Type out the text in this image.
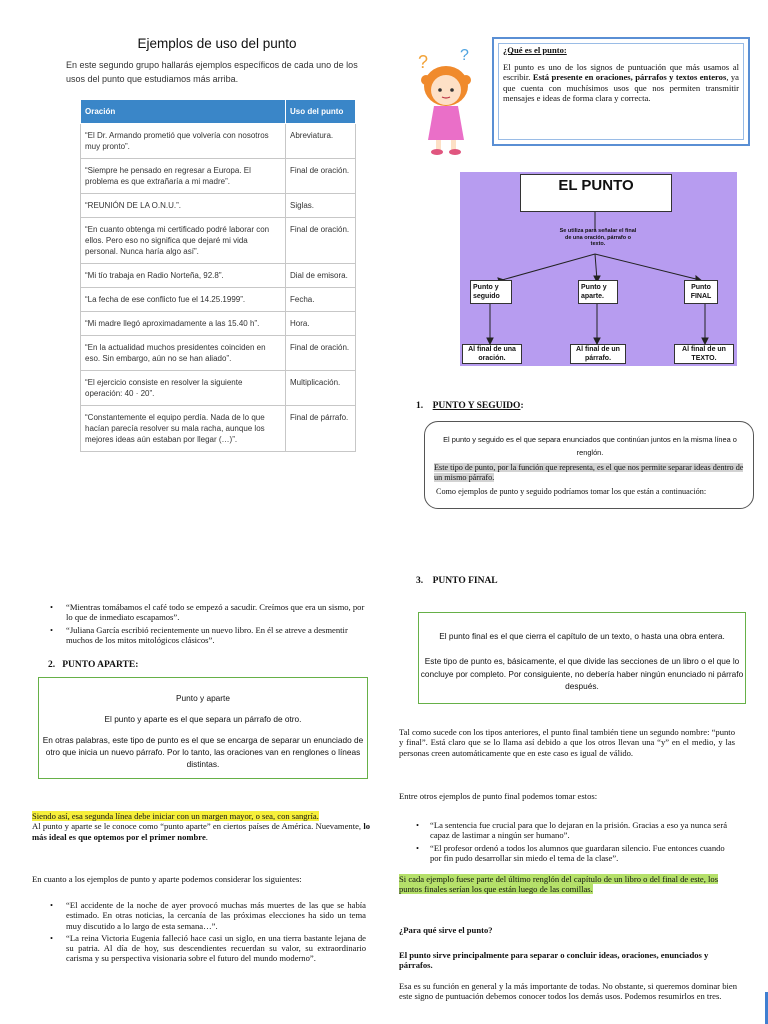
Ejemplos de uso del punto
En este segundo grupo hallarás ejemplos específicos de cada uno de los usos del punto que estudiamos más arriba.
Oración	Uso del punto
“El Dr. Armando prometió que volvería con nosotros muy pronto”.	Abreviatura.
“Siempre he pensado en regresar a Europa. El problema es que extrañaría a mi madre”.	Final de oración.
“REUNIÓN DE LA O.N.U.”.	Siglas.
“En cuanto obtenga mi certificado podré laborar con ellos. Pero eso no significa que dejaré mi vida personal. Nunca haría algo así”.	Final de oración.
“Mi tío trabaja en Radio Norteña, 92.8”.	Dial de emisora.
“La fecha de ese conflicto fue el 14.25.1999”.	Fecha.
“Mi madre llegó aproximadamente a las 15.40 h”.	Hora.
“En la actualidad muchos presidentes coinciden en eso. Sin embargo, aún no se han aliado”.	Final de oración.
“El ejercicio consiste en resolver la siguiente operación: 40 · 20”.	Multiplicación.
“Constantemente el equipo perdía. Nada de lo que hacían parecía resolver su mala racha, aunque los mejores ideas aún estaban por llegar (…)”.	Final de párrafo.
? ?	¿Qué es el punto:
El punto es uno de los signos de puntuación que más usamos al escribir. Está presente en oraciones, párrafos y textos enteros, ya que cuenta con muchísimos usos que nos permiten transmitir mensajes e ideas de forma clara y correcta.
EL PUNTO
Se utiliza para señalar el final de una oración, párrafo o texto.
Punto y seguido
Punto y aparte.
Punto FINAL
Al final de una oración.
Al final de un párrafo.
Al final de un TEXTO.
1. PUNTO Y SEGUIDO:
El punto y seguido es el que separa enunciados que continúan juntos en la misma línea o renglón.
Este tipo de punto, por la función que representa, es el que nos permite separar ideas dentro de un mismo párrafo.
Como ejemplos de punto y seguido podríamos tomar los que están a continuación:
3. PUNTO FINAL
El punto final es el que cierra el capítulo de un texto, o hasta una obra entera.
Este tipo de punto es, básicamente, el que divide las secciones de un libro o el que lo concluye por completo. Por consiguiente, no debería haber ningún enunciado ni párrafo después.
Tal como sucede con los tipos anteriores, el punto final también tiene un segundo nombre: “punto y final”. Está claro que se lo llama así debido a que los otros llevan una “y” en el medio, y las personas creen automáticamente que en este caso es igual de válido.
Entre otros ejemplos de punto final podemos tomar estos:
• “La sentencia fue crucial para que lo dejaran en la prisión. Gracias a eso ya nunca será capaz de lastimar a ningún ser humano”.
• “El profesor ordenó a todos los alumnos que guardaran silencio. Fue entonces cuando por fin pudo desarrollar sin miedo el tema de la clase”.
Si cada ejemplo fuese parte del último renglón del capítulo de un libro o del final de este, los puntos finales serían los que están luego de las comillas.
¿Para qué sirve el punto?
El punto sirve principalmente para separar o concluir ideas, oraciones, enunciados y párrafos.
Esa es su función en general y la más importante de todas. No obstante, si queremos dominar bien este signo de puntuación debemos conocer todos los demás usos. Podemos resumirlos en tres.
• “Mientras tomábamos el café todo se empezó a sacudir. Creímos que era un sismo, por lo que de inmediato escapamos”.
• “Juliana García escribió recientemente un nuevo libro. En él se atreve a desmentir muchos de los mitos mitológicos clásicos”.
2. PUNTO APARTE:
Punto y aparte
El punto y aparte es el que separa un párrafo de otro.
En otras palabras, este tipo de punto es el que se encarga de separar un enunciado de otro que inicia un nuevo párrafo. Por lo tanto, las oraciones van en renglones o líneas distintas.
Siendo así, esa segunda línea debe iniciar con un margen mayor, o sea, con sangría.
Al punto y aparte se le conoce como “punto aparte” en ciertos países de América. Nuevamente, lo más ideal es que optemos por el primer nombre.
En cuanto a los ejemplos de punto y aparte podemos considerar los siguientes:
• “El accidente de la noche de ayer provocó muchas más muertes de las que se había estimado. En otras noticias, la cercanía de las próximas elecciones ha sido un tema muy discutido a lo largo de esta semana…”.
• “La reina Victoria Eugenia falleció hace casi un siglo, en una tierra bastante lejana de su patria. Al día de hoy, sus descendientes recuerdan su valor, su extraordinario carisma y su perspectiva visionaria sobre el futuro del mundo moderno”.
